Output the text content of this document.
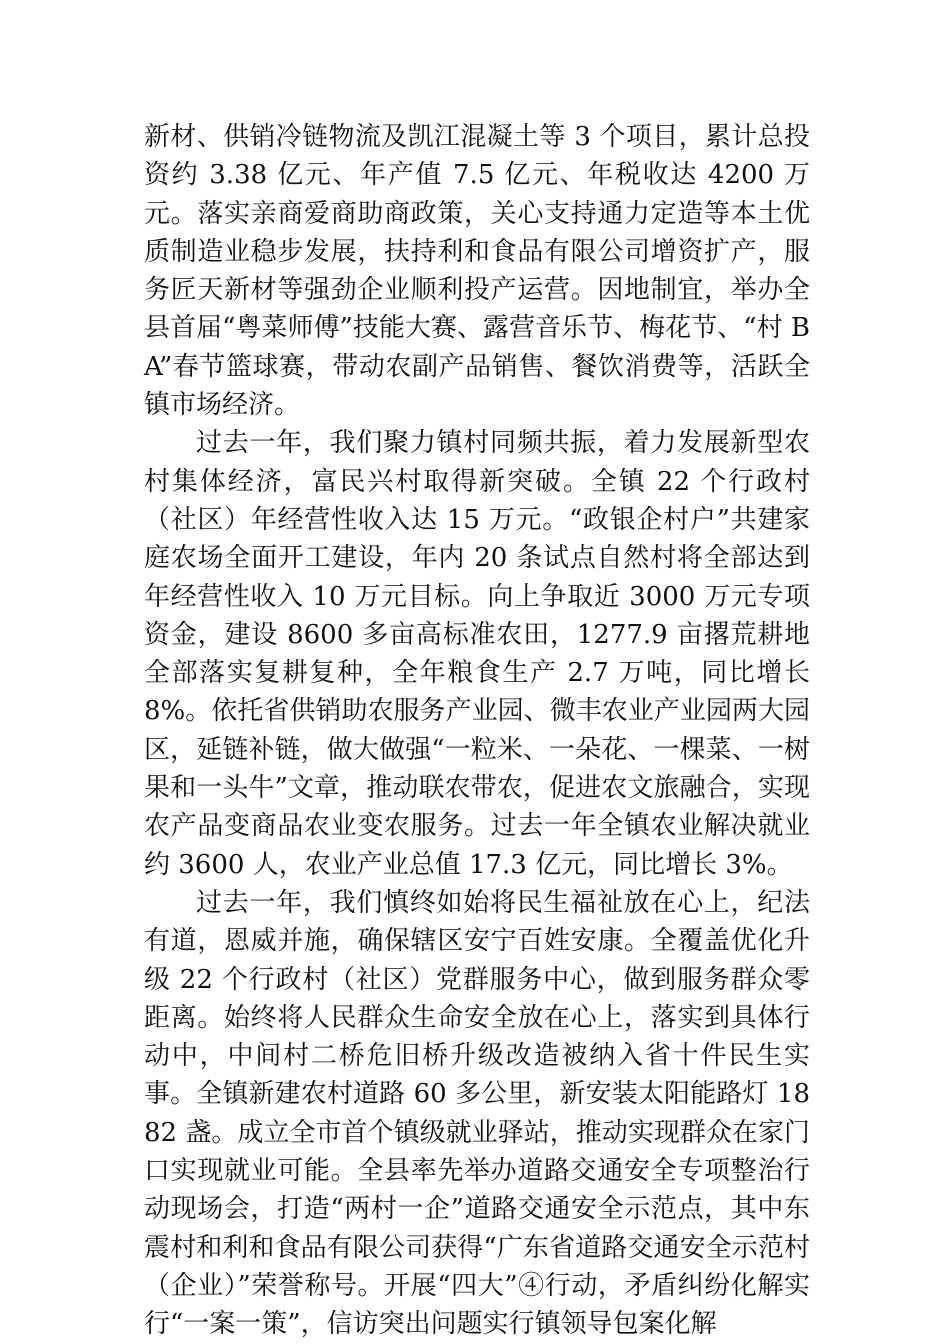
新材、供销冷链物流及凯江混凝土等 3 个项目，累计总投资约 3.38 亿元、年产值 7.5 亿元、年税收达 4200 万元。落实亲商爱商助商政策，关心支持通力定造等本土优质制造业稳步发展，扶持利和食品有限公司增资扩产，服务匠天新材等强劲企业顺利投产运营。因地制宜，举办全县首届“粤菜师傅”技能大赛、露营音乐节、梅花节、“村 BA”春节篮球赛，带动农副产品销售、餐饮消费等，活跃全镇市场经济。

过去一年，我们聚力镇村同频共振，着力发展新型农村集体经济，富民兴村取得新突破。全镇 22 个行政村（社区）年经营性收入达 15 万元。“政银企村户”共建家庭农场全面开工建设，年内 20 条试点自然村将全部达到年经营性收入 10 万元目标。向上争取近 3000 万元专项资金，建设 8600 多亩高标准农田，1277.9 亩撂荒耕地全部落实复耕复种，全年粮食生产 2.7 万吨，同比增长 8%。依托省供销助农服务产业园、微丰农业产业园两大园区，延链补链，做大做强“一粒米、一朵花、一棵菜、一树果和一头牛”文章，推动联农带农，促进农文旅融合，实现农产品变商品农业变农服务。过去一年全镇农业解决就业约 3600 人，农业产业总值 17.3 亿元，同比增长 3%。

过去一年，我们慎终如始将民生福祉放在心上，纪法有道，恩威并施，确保辖区安宁百姓安康。全覆盖优化升级 22 个行政村（社区）党群服务中心，做到服务群众零距离。始终将人民群众生命安全放在心上，落实到具体行动中，中间村二桥危旧桥升级改造被纳入省十件民生实事。全镇新建农村道路 60 多公里，新安装太阳能路灯 1882 盏。成立全市首个镇级就业驿站，推动实现群众在家门口实现就业可能。全县率先举办道路交通安全专项整治行动现场会，打造“两村一企”道路交通安全示范点，其中东震村和利和食品有限公司获得“广东省道路交通安全示范村（企业）”荣誉称号。开展“四大”④行动，矛盾纠纷化解实行“一案一策”，信访突出问题实行镇领导包案化解
